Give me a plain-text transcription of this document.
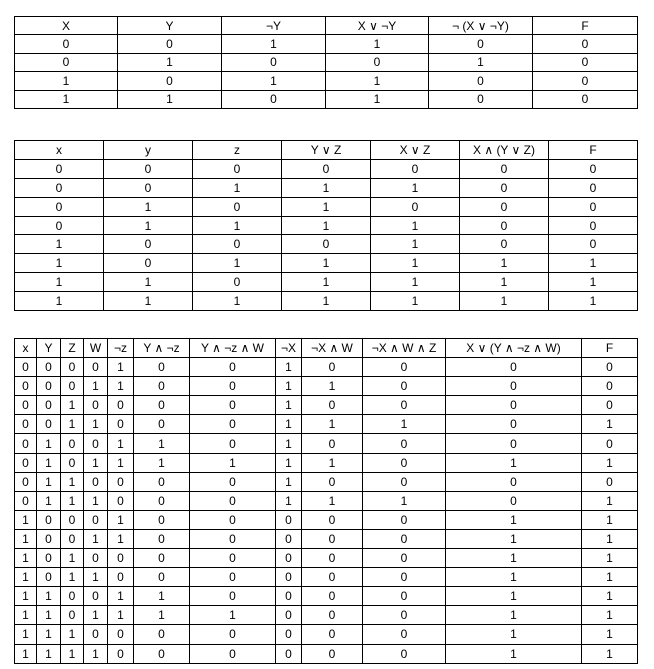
X	Y	¬Y	X ∨ ¬Y	¬ (X ∨ ¬Y)	F
0	0	1	1	0	0
0	1	0	0	1	0
1	0	1	1	0	0
1	1	0	1	0	0
x	y	z	Y ∨ Z	X ∨ Z	X ∧ (Y ∨ Z)	F
0	0	0	0	0	0	0
0	0	1	1	1	0	0
0	1	0	1	0	0	0
0	1	1	1	1	0	0
1	0	0	0	1	0	0
1	0	1	1	1	1	1
1	1	0	1	1	1	1
1	1	1	1	1	1	1
x	Y	Z	W	¬z	Y ∧ ¬z	Y ∧ ¬z ∧ W	¬X	¬X ∧ W	¬X ∧ W ∧ Z	X ∨ (Y ∧ ¬z ∧ W)	F
0	0	0	0	1	0	0	1	0	0	0	0
0	0	0	1	1	0	0	1	1	0	0	0
0	0	1	0	0	0	0	1	0	0	0	0
0	0	1	1	0	0	0	1	1	1	0	1
0	1	0	0	1	1	0	1	0	0	0	0
0	1	0	1	1	1	1	1	1	0	1	1
0	1	1	0	0	0	0	1	0	0	0	0
0	1	1	1	0	0	0	1	1	1	0	1
1	0	0	0	1	0	0	0	0	0	1	1
1	0	0	1	1	0	0	0	0	0	1	1
1	0	1	0	0	0	0	0	0	0	1	1
1	0	1	1	0	0	0	0	0	0	1	1
1	1	0	0	1	1	0	0	0	0	1	1
1	1	0	1	1	1	1	0	0	0	1	1
1	1	1	0	0	0	0	0	0	0	1	1
1	1	1	1	0	0	0	0	0	0	1	1
